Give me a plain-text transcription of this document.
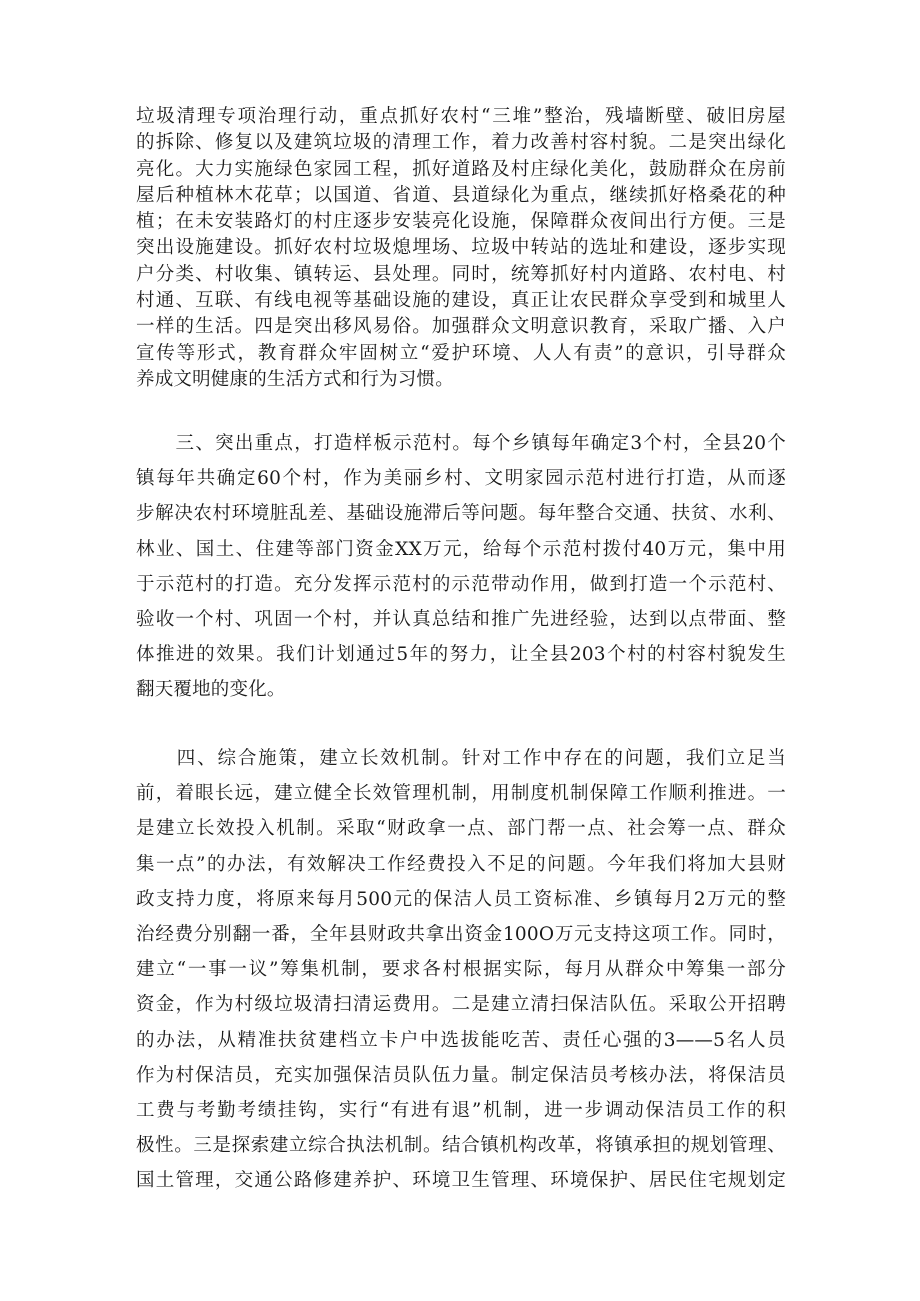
垃圾清理专项治理行动，重点抓好农村“三堆”整治，残墙断壁、破旧房屋
的拆除、修复以及建筑垃圾的清理工作，着力改善村容村貌。二是突出绿化
亮化。大力实施绿色家园工程，抓好道路及村庄绿化美化，鼓励群众在房前
屋后种植林木花草；以国道、省道、县道绿化为重点，继续抓好格桑花的种
植；在未安装路灯的村庄逐步安装亮化设施，保障群众夜间出行方便。三是
突出设施建设。抓好农村垃圾熄埋场、垃圾中转站的选址和建设，逐步实现
户分类、村收集、镇转运、县处理。同时，统筹抓好村内道路、农村电、村
村通、互联、有线电视等基础设施的建设，真正让农民群众享受到和城里人
一样的生活。四是突出移风易俗。加强群众文明意识教育，采取广播、入户
宣传等形式，教育群众牢固树立“爱护环境、人人有责”的意识，引导群众
养成文明健康的生活方式和行为习惯。
　　三、突出重点，打造样板示范村。每个乡镇每年确定3个村，全县20个
镇每年共确定60个村，作为美丽乡村、文明家园示范村进行打造，从而逐
步解决农村环境脏乱差、基础设施滞后等问题。每年整合交通、扶贫、水利、
林业、国土、住建等部门资金XX万元，给每个示范村拨付40万元，集中用
于示范村的打造。充分发挥示范村的示范带动作用，做到打造一个示范村、
验收一个村、巩固一个村，并认真总结和推广先进经验，达到以点带面、整
体推进的效果。我们计划通过5年的努力，让全县203个村的村容村貌发生
翻天覆地的变化。
　　四、综合施策，建立长效机制。针对工作中存在的问题，我们立足当
前，着眼长远，建立健全长效管理机制，用制度机制保障工作顺利推进。一
是建立长效投入机制。采取“财政拿一点、部门帮一点、社会筹一点、群众
集一点”的办法，有效解决工作经费投入不足的问题。今年我们将加大县财
政支持力度，将原来每月500元的保洁人员工资标准、乡镇每月2万元的整
治经费分别翻一番，全年县财政共拿出资金100O万元支持这项工作。同时，
建立“一事一议”筹集机制，要求各村根据实际，每月从群众中筹集一部分
资金，作为村级垃圾清扫清运费用。二是建立清扫保洁队伍。采取公开招聘
的办法，从精准扶贫建档立卡户中选拔能吃苦、责任心强的3——5名人员
作为村保洁员，充实加强保洁员队伍力量。制定保洁员考核办法，将保洁员
工费与考勤考绩挂钩，实行“有进有退”机制，进一步调动保洁员工作的积
极性。三是探索建立综合执法机制。结合镇机构改革，将镇承担的规划管理、
国土管理，交通公路修建养护、环境卫生管理、环境保护、居民住宅规划定
